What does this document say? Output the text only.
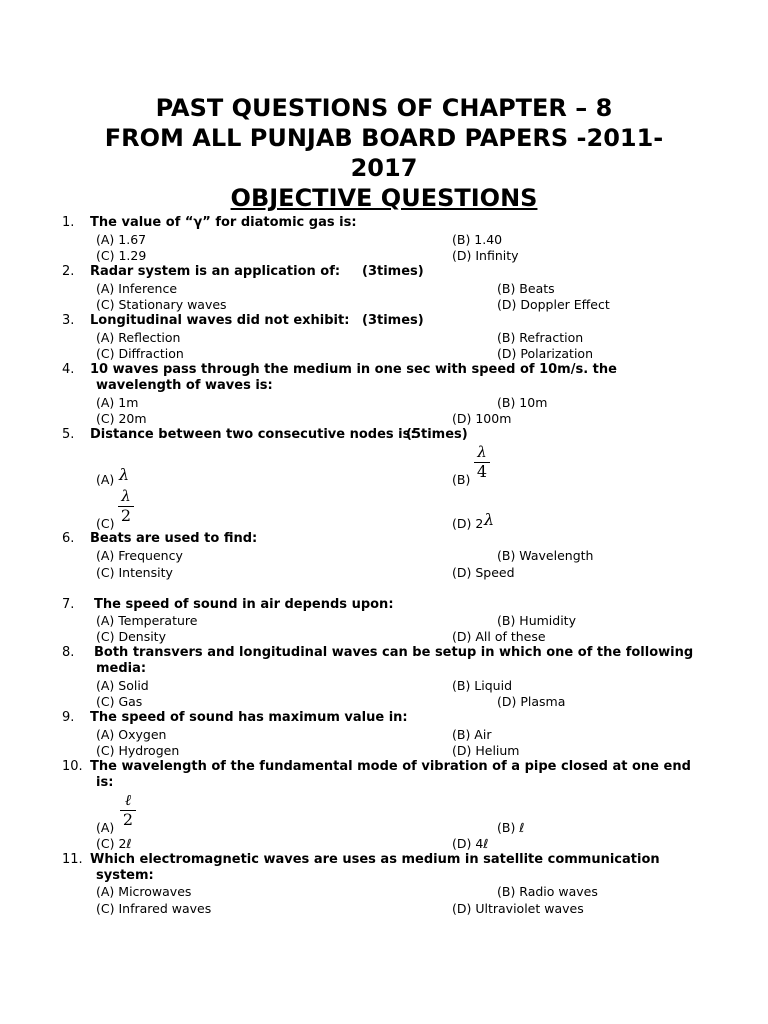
PAST QUESTIONS OF CHAPTER – 8
FROM ALL PUNJAB BOARD PAPERS -2011-
2017
OBJECTIVE QUESTIONS
1. The value of “γ” for diatomic gas is:
(A) 1.67	(B) 1.40
(C) 1.29	(D) Infinity
2. Radar system is an application of: (3times)
(A) Inference	(B) Beats
(C) Stationary waves	(D) Doppler Effect
3. Longitudinal waves did not exhibit: (3times)
(A) Reflection	(B) Refraction
(C) Diffraction	(D) Polarization
4. 10 waves pass through the medium in one sec with speed of 10m/s. the
wavelength of waves is:
(A) 1m	(B) 10m
(C) 20m	(D) 100m
5. Distance between two consecutive nodes is:
(5times)
(A) λ	(B)
λ
4
(C)
λ
2	(D) 2 λ
6. Beats are used to find:
(A) Frequency	(B) Wavelength
(C) Intensity	(D) Speed
7. The speed of sound in air depends upon:
(A) Temperature	(B) Humidity
(C) Density	(D) All of these
8. Both transvers and longitudinal waves can be setup in which one of the following
media:
(A) Solid	(B) Liquid
(C) Gas	(D) Plasma
9. The speed of sound has maximum value in:
(A) Oxygen	(B) Air
(C) Hydrogen	(D) Helium
10. The wavelength of the fundamental mode of vibration of a pipe closed at one end
is:
(A)
ℓ
2	(B) ℓ
(C) 2ℓ	(D) 4ℓ
11. Which electromagnetic waves are uses as medium in satellite communication
system:
(A) Microwaves	(B) Radio waves
(C) Infrared waves	(D) Ultraviolet waves
